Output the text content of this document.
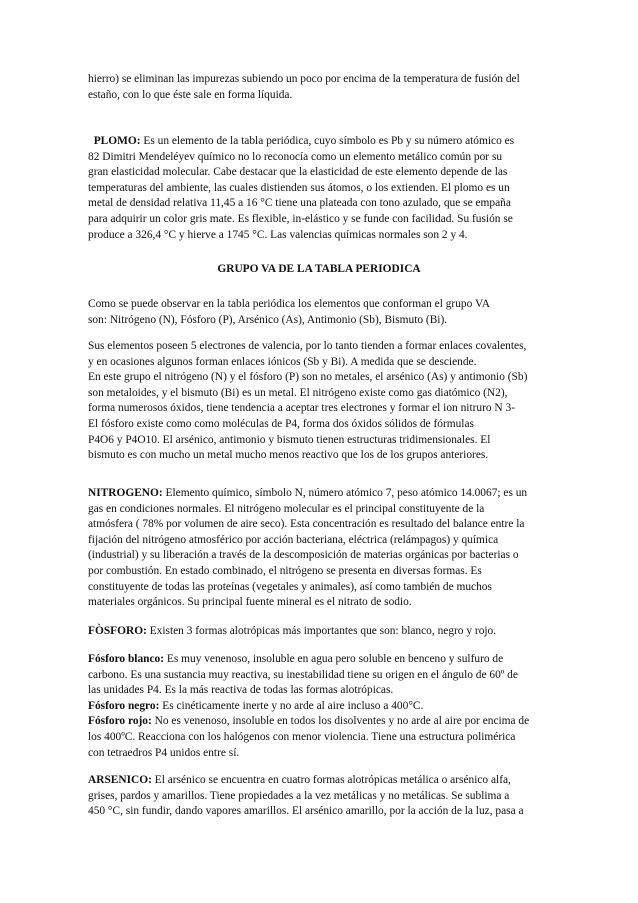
hierro) se eliminan las impurezas subiendo un poco por encima de la temperatura de fusión del
estaño, con lo que éste sale en forma líquida.

PLOMO: Es un elemento de la tabla periódica, cuyo símbolo es Pb y su número atómico es
82 Dimitri Mendeléyev químico no lo reconocía como un elemento metálico común por su
gran elasticidad molecular. Cabe destacar que la elasticidad de este elemento depende de las
temperaturas del ambiente, las cuales distienden sus átomos, o los extienden. El plomo es un
metal de densidad relativa 11,45 a 16 °C tiene una plateada con tono azulado, que se empaña
para adquirir un color gris mate. Es flexible, in-elástico y se funde con facilidad. Su fusión se
produce a 326,4 °C y hierve a 1745 °C. Las valencias químicas normales son 2 y 4.

GRUPO VA DE LA TABLA PERIODICA

Como se puede observar en la tabla periódica los elementos que conforman el grupo VA
son: Nitrógeno (N), Fósforo (P), Arsénico (As), Antimonio (Sb), Bismuto (Bi).

Sus elementos poseen 5 electrones de valencia, por lo tanto tienden a formar enlaces covalentes,
y en ocasiones algunos forman enlaces iónicos (Sb y Bi). A medida que se desciende.
En este grupo el nitrógeno (N) y el fósforo (P) son no metales, el arsénico (As) y antimonio (Sb)
son metaloides, y el bismuto (Bi) es un metal. El nitrógeno existe como gas diatómico (N2),
forma numerosos óxidos, tiene tendencia a aceptar tres electrones y formar el ion nitruro N 3-
El fósforo existe como como moléculas de P4, forma dos óxidos sólidos de fórmulas
P4O6 y P4O10. El arsénico, antimonio y bismuto tienen estructuras tridimensionales. El
bismuto es con mucho un metal mucho menos reactivo que los de los grupos anteriores.

NITROGENO: Elemento químico, símbolo N, número atómico 7, peso atómico 14.0067; es un
gas en condiciones normales. El nitrógeno molecular es el principal constituyente de la
atmósfera ( 78% por volumen de aire seco). Esta concentración es resultado del balance entre la
fijación del nitrógeno atmosférico por acción bacteriana, eléctrica (relámpagos) y química
(industrial) y su liberación a través de la descomposición de materias orgánicas por bacterias o
por combustión. En estado combinado, el nitrógeno se presenta en diversas formas. Es
constituyente de todas las proteínas (vegetales y animales), así como también de muchos
materiales orgánicos. Su principal fuente mineral es el nitrato de sodio.

FÒSFORO: Existen 3 formas alotrópicas más importantes que son: blanco, negro y rojo.

Fósforo blanco: Es muy venenoso, insoluble en agua pero soluble en benceno y sulfuro de
carbono. Es una sustancia muy reactiva, su inestabilidad tiene su origen en el ángulo de 60º de
las unidades P4. Es la más reactiva de todas las formas alotrópicas.
Fósforo negro: Es cinéticamente inerte y no arde al aire incluso a 400°C.
Fósforo rojo: No es venenoso, insoluble en todos los disolventes y no arde al aire por encima de
los 400ºC. Reacciona con los halógenos con menor violencia. Tiene una estructura polimérica
con tetraedros P4 unidos entre sí.

ARSENICO: El arsénico se encuentra en cuatro formas alotrópicas metálica o arsénico alfa,
grises, pardos y amarillos. Tiene propiedades a la vez metálicas y no metálicas. Se sublima a
450 °C, sin fundir, dando vapores amarillos. El arsénico amarillo, por la acción de la luz, pasa a
